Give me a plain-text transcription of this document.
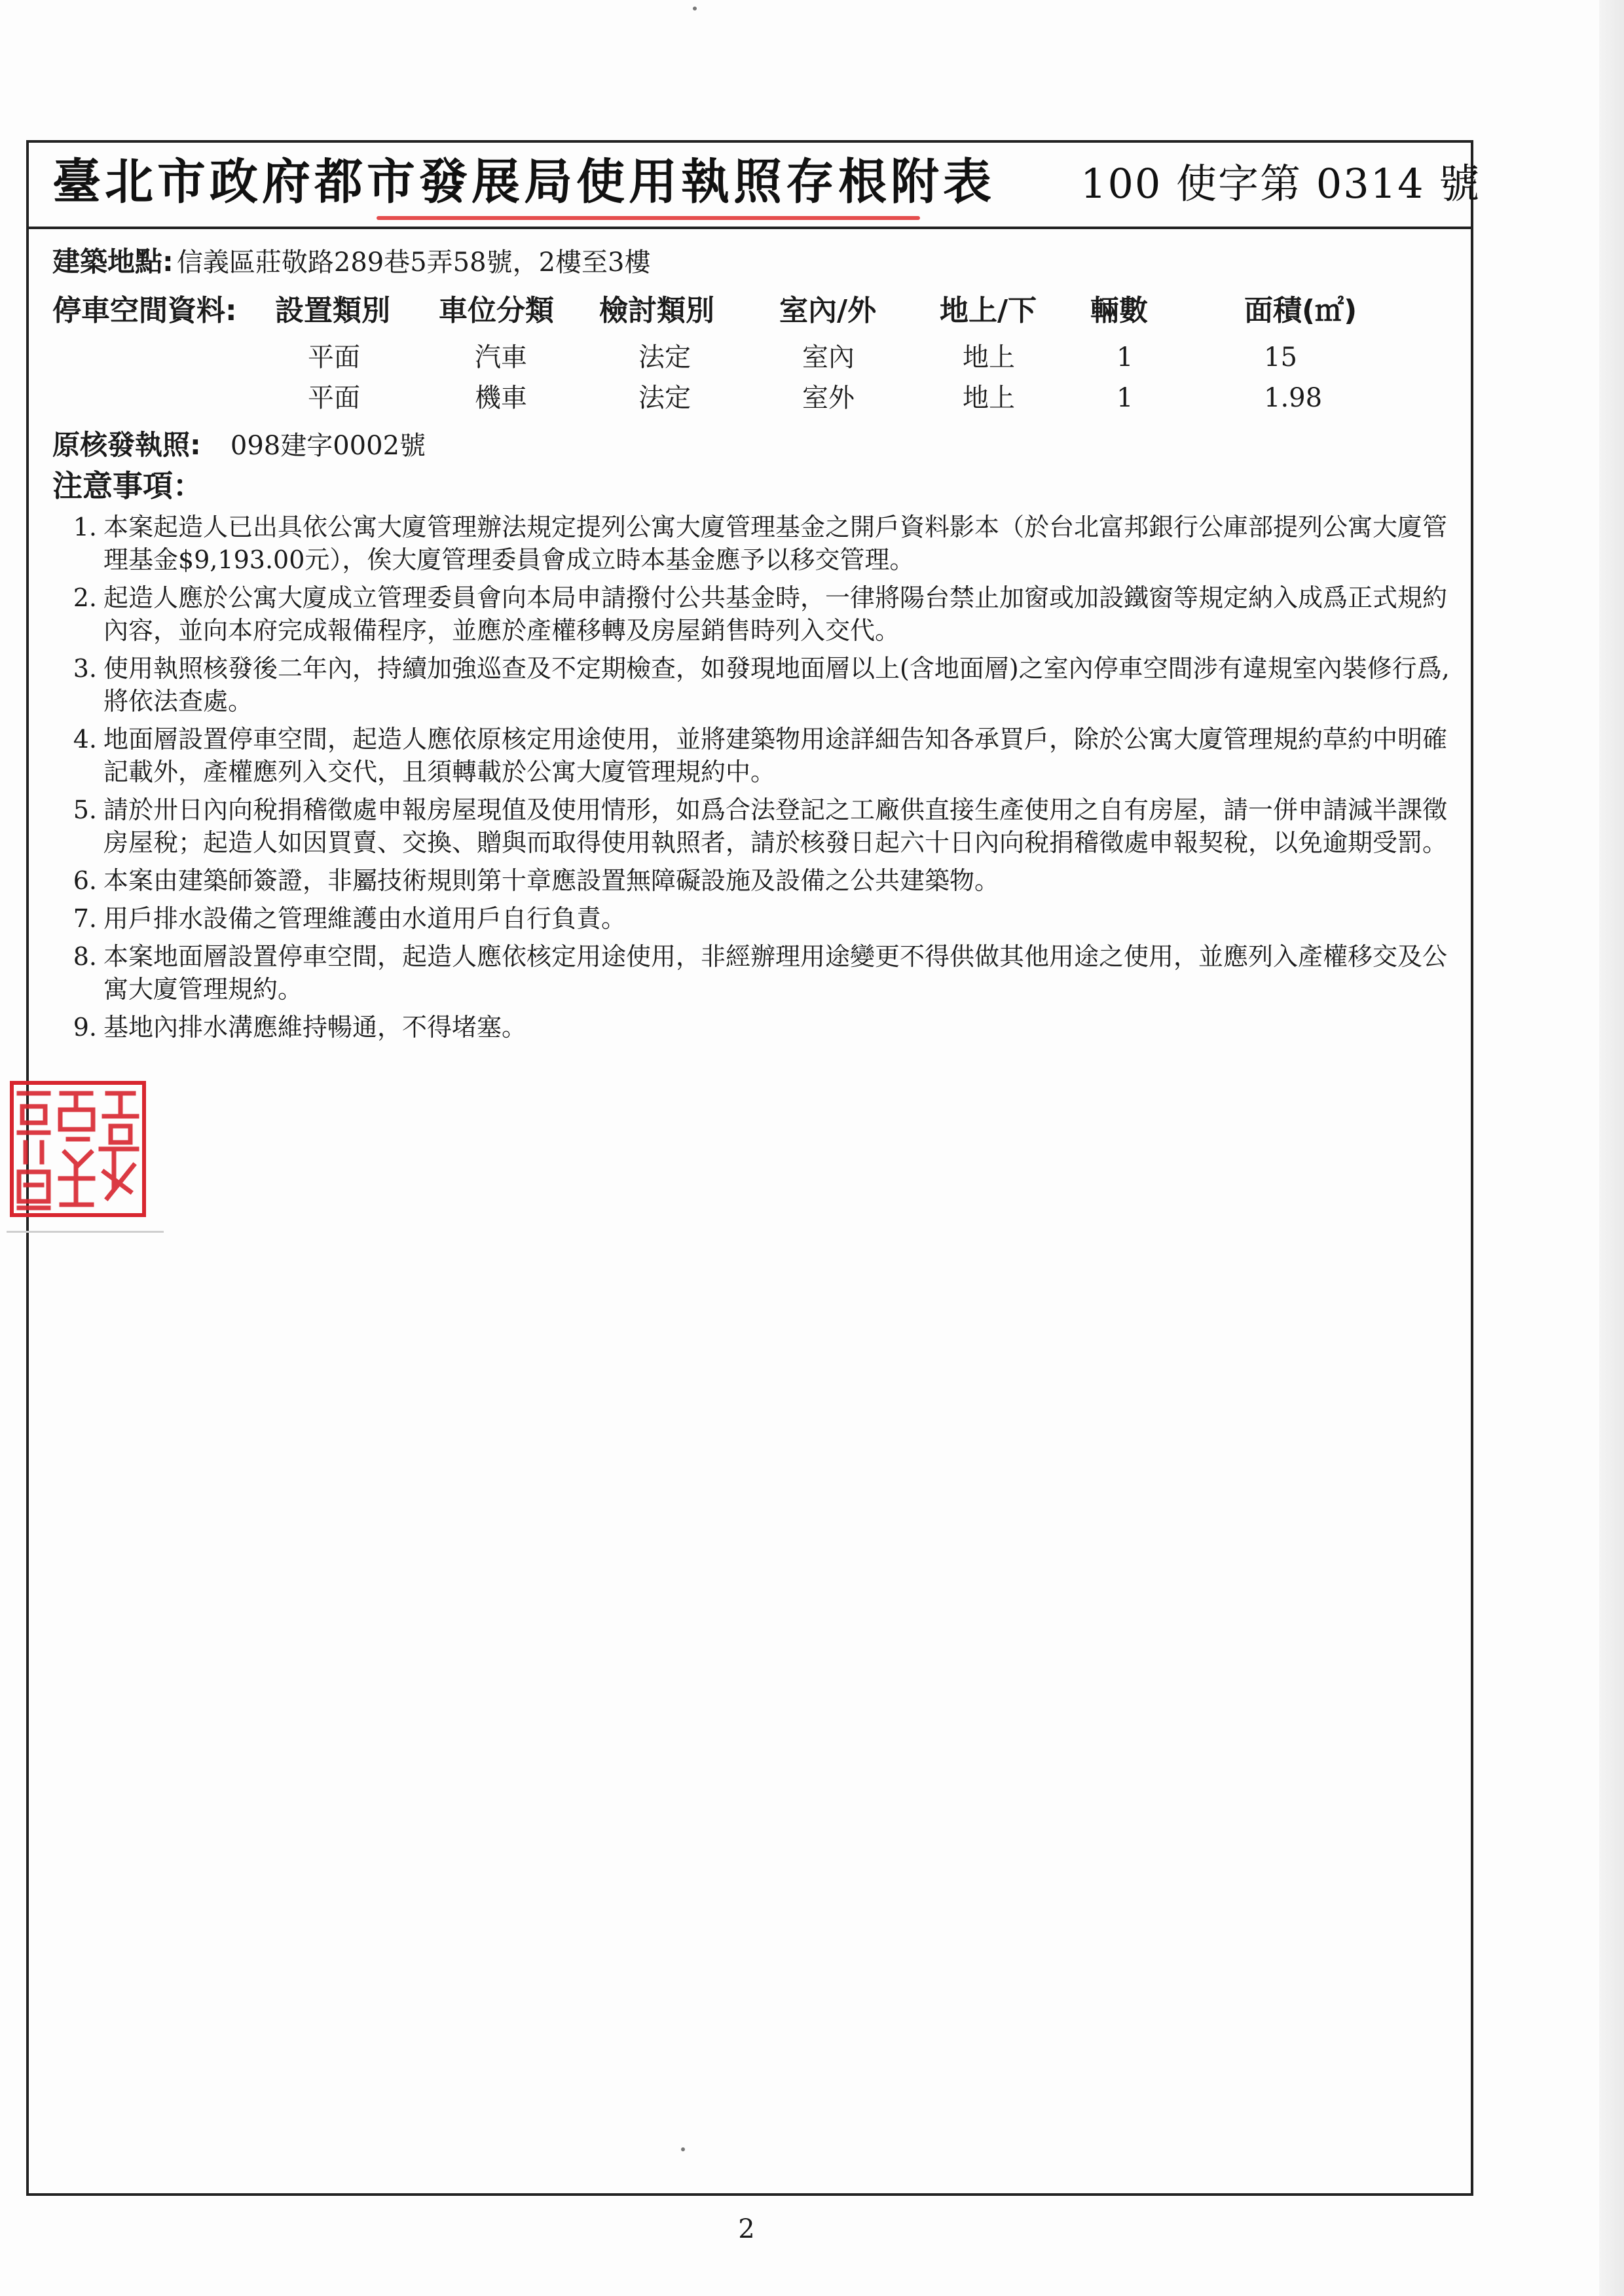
臺北市政府都市發展局使用執照存根附表	100 使字第 0314 號
建築地點: 信義區莊敬路289巷5弄58號，2樓至3樓
停車空間資料: 設置類別 車位分類 檢討類別 室內/外 地上/下 輛數	面積(㎡)
平面	汽車	法定	室內	地上	1	15
平面	機車	法定	室外	地上	1	1.98
原核發執照: 098建字0002號
注意事項：
1. 本案起造人已出具依公寓大廈管理辦法規定提列公寓大廈管理基金之開戶資料影本（於台北富邦銀行公庫部提列公寓大廈管理基金$9,193.00元），俟大廈管理委員會成立時本基金應予以移交管理。
2. 起造人應於公寓大廈成立管理委員會向本局申請撥付公共基金時，一律將陽台禁止加窗或加設鐵窗等規定納入成爲正式規約內容，並向本府完成報備程序，並應於產權移轉及房屋銷售時列入交代。
3. 使用執照核發後二年內，持續加強巡查及不定期檢查，如發現地面層以上(含地面層)之室內停車空間涉有違規室內裝修行爲,將依法查處。
4. 地面層設置停車空間，起造人應依原核定用途使用，並將建築物用途詳細告知各承買戶，除於公寓大廈管理規約草約中明確記載外，產權應列入交代，且須轉載於公寓大廈管理規約中。
5. 請於卅日內向稅捐稽徵處申報房屋現值及使用情形，如爲合法登記之工廠供直接生產使用之自有房屋，請一併申請減半課徵房屋稅；起造人如因買賣、交換、贈與而取得使用執照者，請於核發日起六十日內向稅捐稽徵處申報契稅，以免逾期受罰。
6. 本案由建築師簽證，非屬技術規則第十章應設置無障礙設施及設備之公共建築物。
7. 用戶排水設備之管理維護由水道用戶自行負責。
8. 本案地面層設置停車空間，起造人應依核定用途使用，非經辦理用途變更不得供做其他用途之使用，並應列入產權移交及公寓大廈管理規約。
9. 基地內排水溝應維持暢通，不得堵塞。
2
